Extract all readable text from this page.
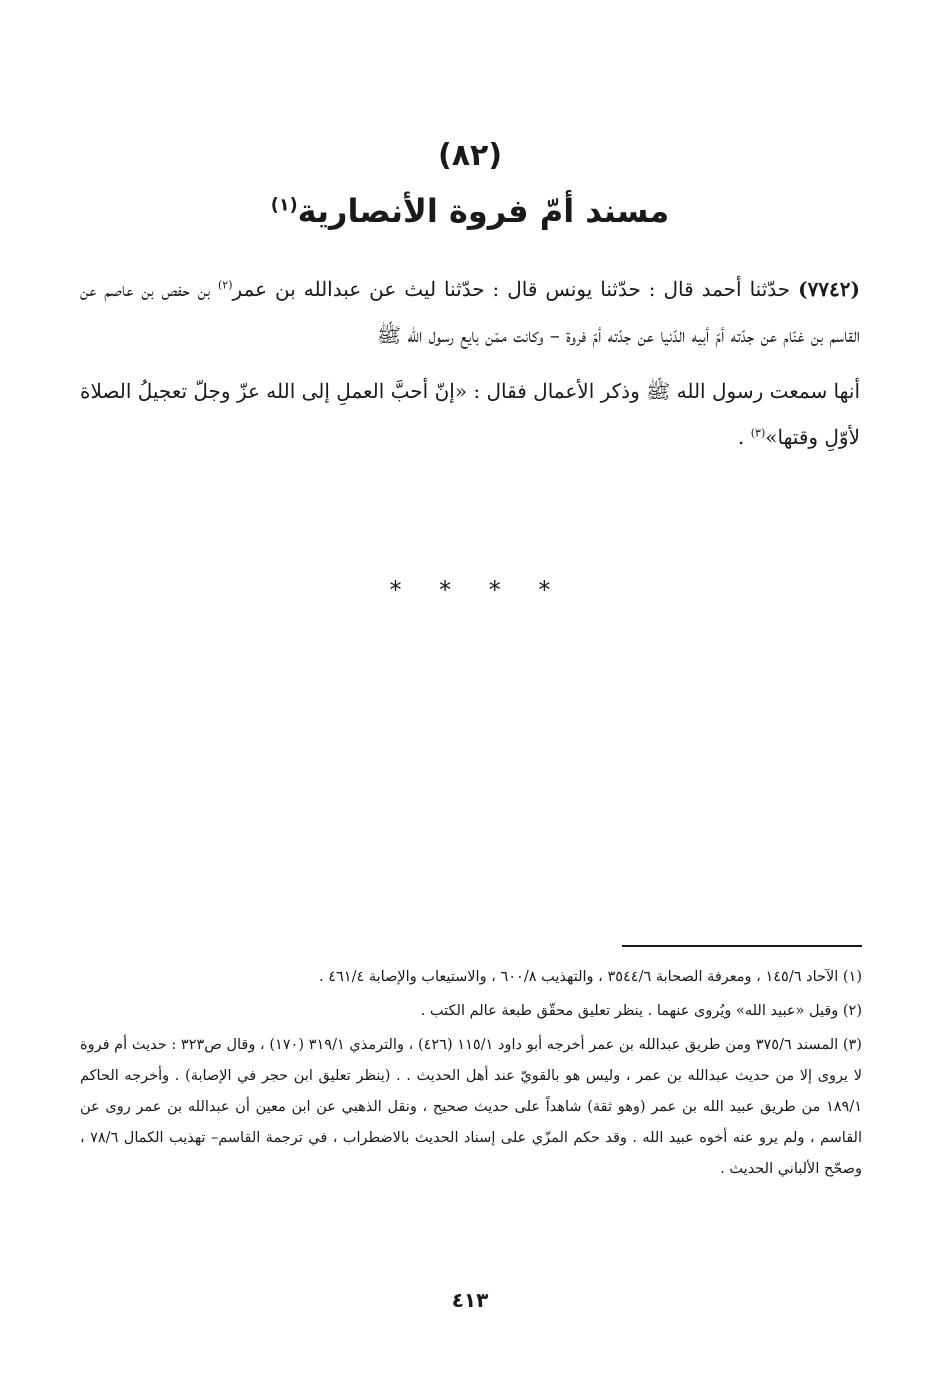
(٨٢)
مسند أمّ فروة الأنصارية$^{(١)}$

(٧٧٤٢) حدّثنا أحمد قال : حدّثنا يونس قال : حدّثنا ليث عن عبدالله بن عمر$^{(٢)}$ بن حفص بن عاصم عن القاسم بن غنّام عن جدّته أمّ أبيه الدّنيا عن جدّته أمّ فروة – وكانت ممّن بايع رسول الله ﷺ

أنها سمعت رسول الله ﷺ وذكر الأعمال فقال : «إنّ أحبَّ العملِ إلى الله عزّ وجلّ تعجيلُ الصلاة لأوّلِ وقتها»$^{(٣)}$ .

* * * *

(١) الآحاد ١٤٥/٦ ، ومعرفة الصحابة ٣٥٤٤/٦ ، والتهذيب ٦٠٠/٨ ، والاستيعاب والإصابة ٤٦١/٤ .

(٢) وقيل «عبيد الله» ويُروى عنهما . ينظر تعليق محقّق طبعة عالم الكتب .

(٣) المسند ٣٧٥/٦ ومن طريق عبدالله بن عمر أخرجه أبو داود ١١٥/١ (٤٢٦) ، والترمذي ٣١٩/١ (١٧٠) ، وقال ص٣٢٣ : حديث أم فروة لا يروى إلا من حديث عبدالله بن عمر ، وليس هو بالقويّ عند أهل الحديث . . (ينظر تعليق ابن حجر في الإصابة) . وأخرجه الحاكم ١٨٩/١ من طريق عبيد الله بن عمر (وهو ثقة) شاهداً على حديث صحيح ، ونقل الذهبي عن ابن معين أن عبدالله بن عمر روى عن القاسم ، ولم يرو عنه أخوه عبيد الله . وقد حكم المزّي على إسناد الحديث بالاضطراب ، في ترجمة القاسم– تهذيب الكمال ٧٨/٦ ، وصحّح الألباني الحديث .

٤١٣
